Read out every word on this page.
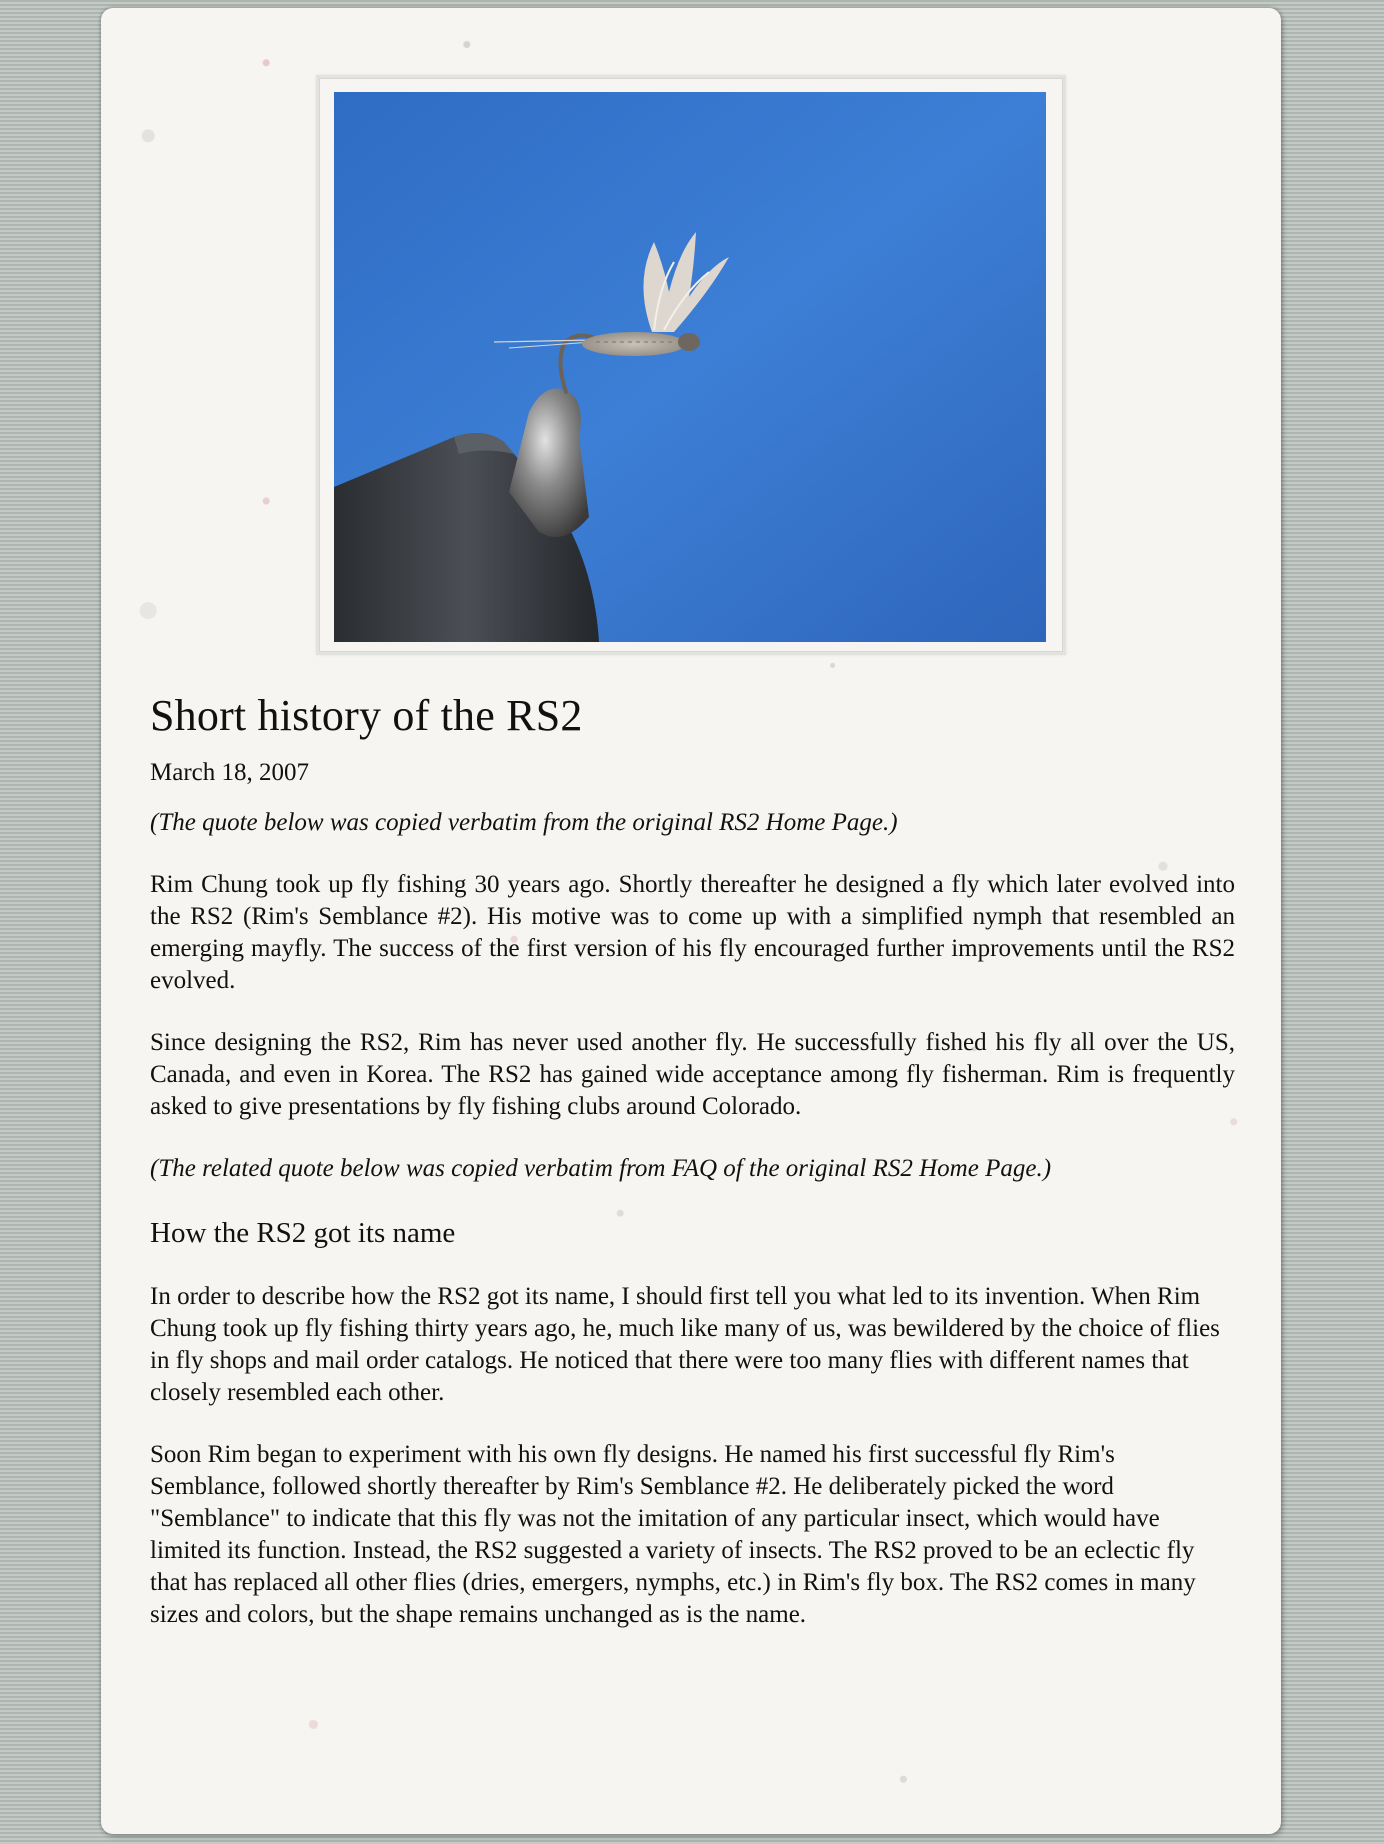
Short history of the RS2

March 18, 2007

(The quote below was copied verbatim from the original RS2 Home Page.)

Rim Chung took up fly fishing 30 years ago. Shortly thereafter he designed a fly which later evolved into the RS2 (Rim's Semblance #2). His motive was to come up with a simplified nymph that resembled an emerging mayfly. The success of the first version of his fly encouraged further improvements until the RS2 evolved.

Since designing the RS2, Rim has never used another fly. He successfully fished his fly all over the US, Canada, and even in Korea. The RS2 has gained wide acceptance among fly fisherman. Rim is frequently asked to give presentations by fly fishing clubs around Colorado.

(The related quote below was copied verbatim from FAQ of the original RS2 Home Page.)

How the RS2 got its name

In order to describe how the RS2 got its name, I should first tell you what led to its invention. When Rim Chung took up fly fishing thirty years ago, he, much like many of us, was bewildered by the choice of flies in fly shops and mail order catalogs. He noticed that there were too many flies with different names that closely resembled each other.

Soon Rim began to experiment with his own fly designs. He named his first successful fly Rim's Semblance, followed shortly thereafter by Rim's Semblance #2. He deliberately picked the word "Semblance" to indicate that this fly was not the imitation of any particular insect, which would have limited its function. Instead, the RS2 suggested a variety of insects. The RS2 proved to be an eclectic fly that has replaced all other flies (dries, emergers, nymphs, etc.) in Rim's fly box. The RS2 comes in many sizes and colors, but the shape remains unchanged as is the name.
